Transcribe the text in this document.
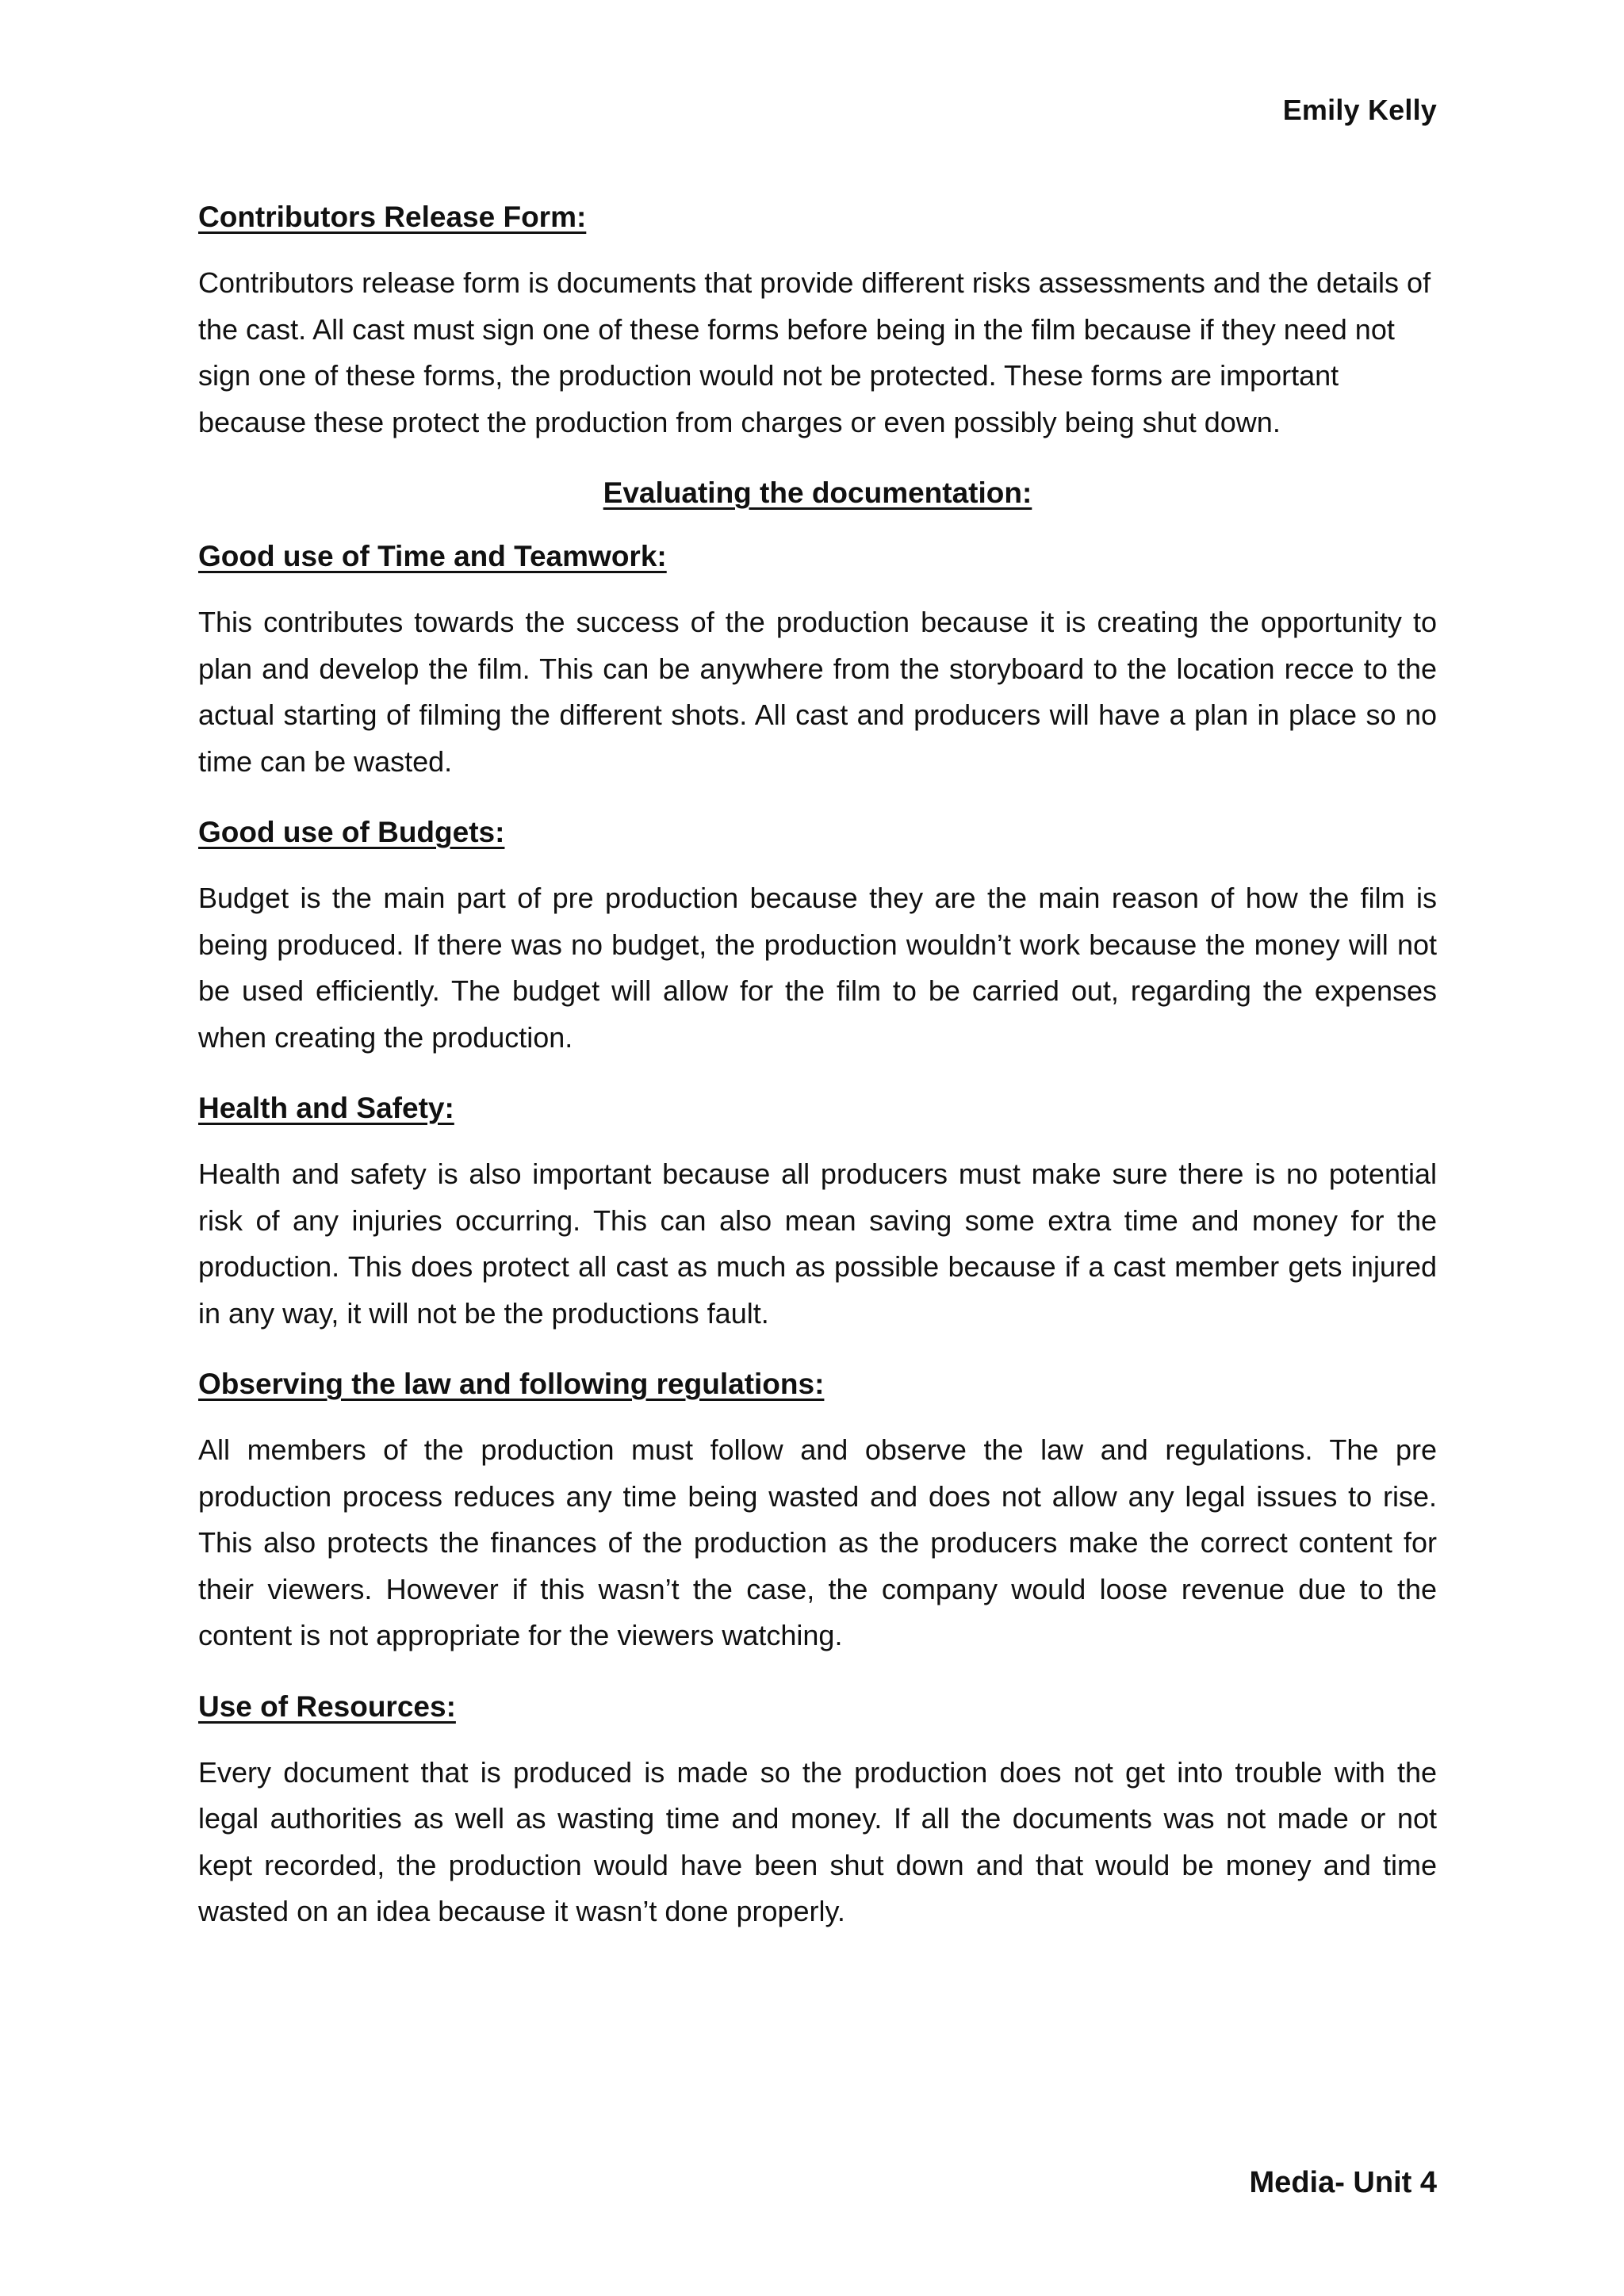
Emily Kelly
Contributors Release Form:

Contributors release form is documents that provide different risks assessments and the details of the cast. All cast must sign one of these forms before being in the film because if they need not sign one of these forms, the production would not be protected. These forms are important because these protect the production from charges or even possibly being shut down.

Evaluating the documentation:
Good use of Time and Teamwork:

This contributes towards the success of the production because it is creating the opportunity to plan and develop the film. This can be anywhere from the storyboard to the location recce to the actual starting of filming the different shots. All cast and producers will have a plan in place so no time can be wasted.

Good use of Budgets:

Budget is the main part of pre production because they are the main reason of how the film is being produced. If there was no budget, the production wouldn’t work because the money will not be used efficiently. The budget will allow for the film to be carried out, regarding the expenses when creating the production.

Health and Safety:

Health and safety is also important because all producers must make sure there is no potential risk of any injuries occurring. This can also mean saving some extra time and money for the production. This does protect all cast as much as possible because if a cast member gets injured in any way, it will not be the productions fault.

Observing the law and following regulations:

All members of the production must follow and observe the law and regulations. The pre production process reduces any time being wasted and does not allow any legal issues to rise. This also protects the finances of the production as the producers make the correct content for their viewers. However if this wasn’t the case, the company would loose revenue due to the content is not appropriate for the viewers watching.

Use of Resources:

Every document that is produced is made so the production does not get into trouble with the legal authorities as well as wasting time and money. If all the documents was not made or not kept recorded, the production would have been shut down and that would be money and time wasted on an idea because it wasn’t done properly.

Media- Unit 4
